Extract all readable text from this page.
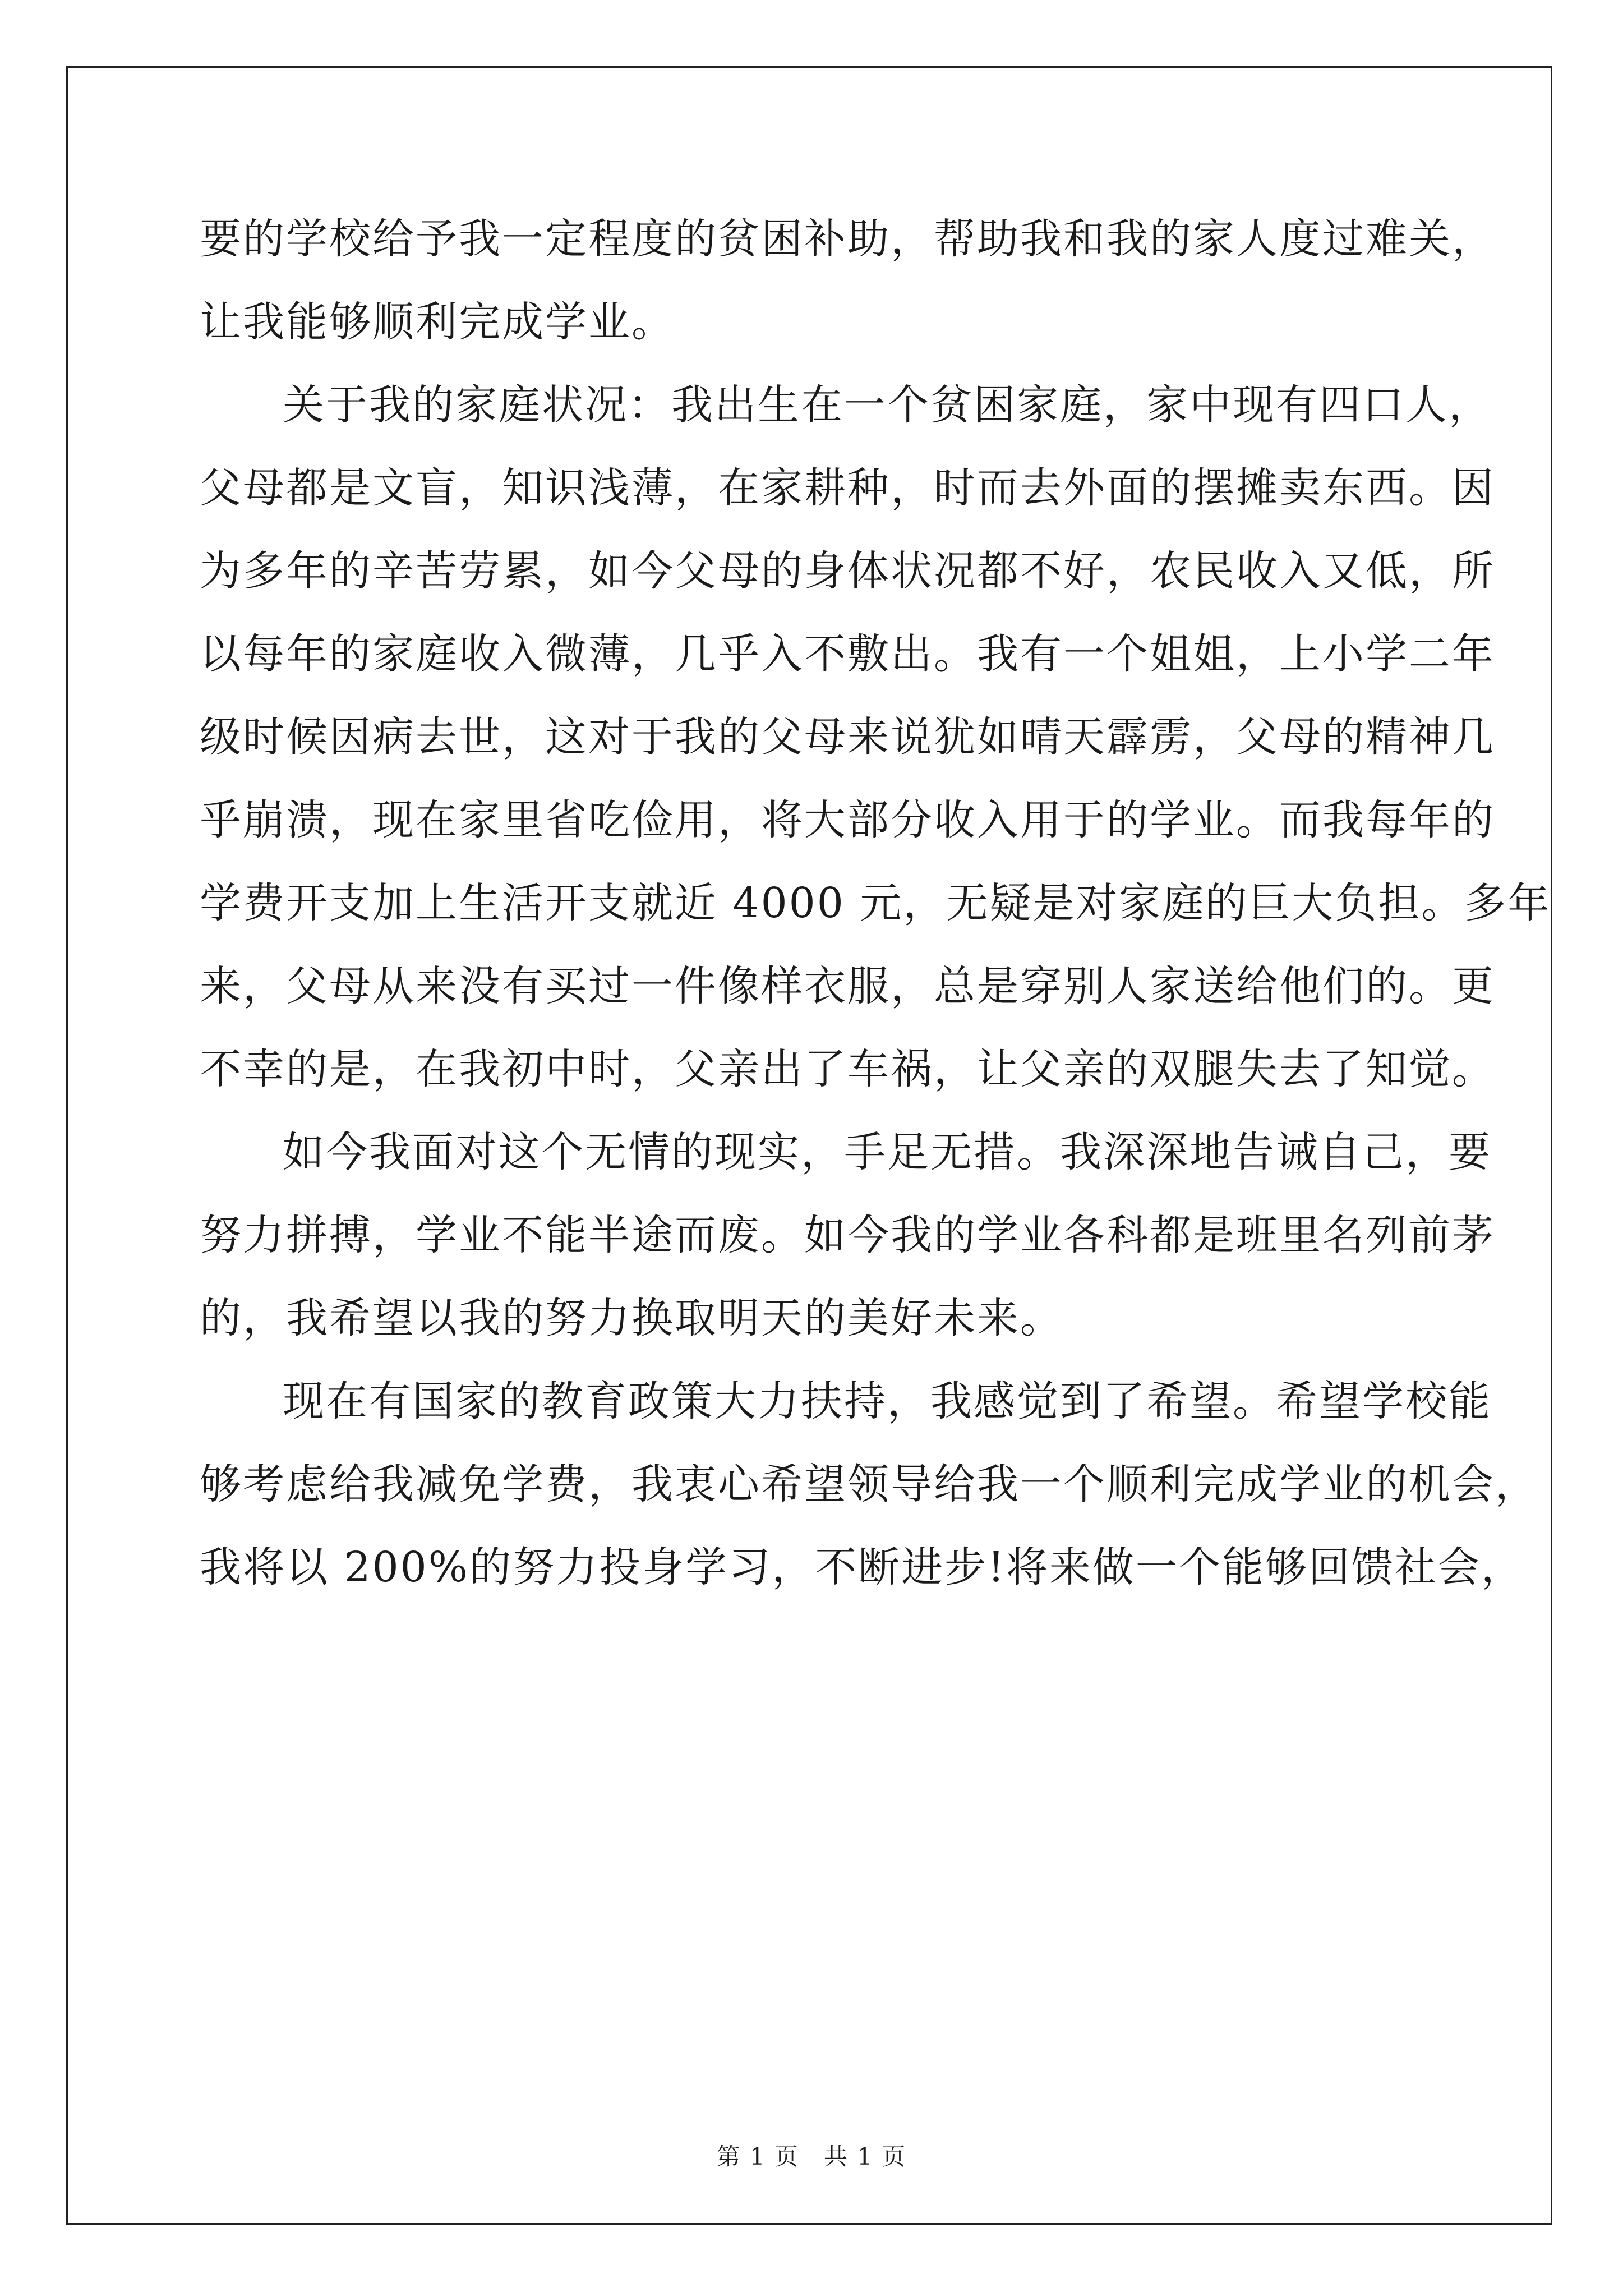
要的学校给予我一定程度的贫困补助，帮助我和我的家人度过难关，

让我能够顺利完成学业。

关于我的家庭状况：我出生在一个贫困家庭，家中现有四口人，

父母都是文盲，知识浅薄，在家耕种，时而去外面的摆摊卖东西。因

为多年的辛苦劳累，如今父母的身体状况都不好，农民收入又低，所

以每年的家庭收入微薄，几乎入不敷出。我有一个姐姐，上小学二年

级时候因病去世，这对于我的父母来说犹如晴天霹雳，父母的精神几

乎崩溃，现在家里省吃俭用，将大部分收入用于的学业。而我每年的

学费开支加上生活开支就近 4000 元，无疑是对家庭的巨大负担。多年

来，父母从来没有买过一件像样衣服，总是穿别人家送给他们的。更

不幸的是，在我初中时，父亲出了车祸，让父亲的双腿失去了知觉。

如今我面对这个无情的现实，手足无措。我深深地告诫自己，要

努力拼搏，学业不能半途而废。如今我的学业各科都是班里名列前茅

的，我希望以我的努力换取明天的美好未来。

现在有国家的教育政策大力扶持，我感觉到了希望。希望学校能

够考虑给我减免学费，我衷心希望领导给我一个顺利完成学业的机会，

我将以 200%的努力投身学习，不断进步!将来做一个能够回馈社会，

第 1 页 共 1 页
